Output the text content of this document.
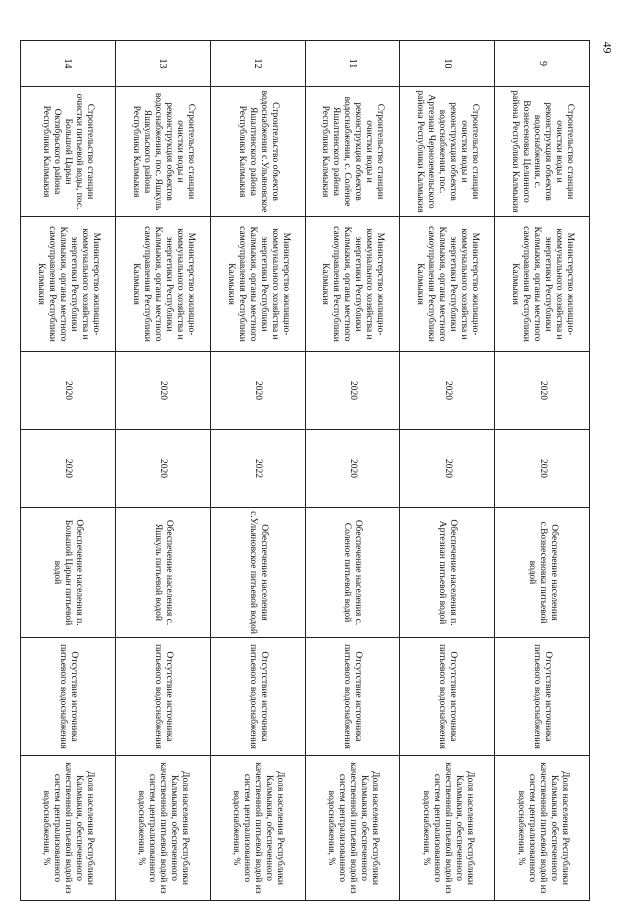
49
9	Строительство станции очистки воды и реконструкция объектов водоснабжения, с. Вознесеновка Целинного района Республики Калмыкия	Министерство жилищно-коммунального хозяйства и энергетики Республики Калмыкия, органы местного самоуправления Республики Калмыкия	2020	2020	Обеспечение населения с.Вознесеновка питьевой водой	Отсутствие источника питьевого водоснабжения	Доля населения Республики Калмыкия, обеспеченного качественной питьевой водой из систем централизованного водоснабжения, %
10	Строительство станции очистки воды и реконструкция объектов водоснабжения, пос. Артезиан Черноземельского района Республики Калмыкия	Министерство жилищно-коммунального хозяйства и энергетики Республики Калмыкия, органы местного самоуправления Республики Калмыкия	2020	2020	Обеспечение населения п. Артезиан питьевой водой	Отсутствие источника питьевого водоснабжения	Доля населения Республики Калмыкия, обеспеченного качественной питьевой водой из систем централизованного водоснабжения, %
11	Строительство станции очистки воды и реконструкция объектов водоснабжения, с. Солёное Яшалтинского района Республики Калмыкия	Министерство жилищно-коммунального хозяйства и энергетики Республики Калмыкия, органы местного самоуправления Республики Калмыкия	2020	2020	Обеспечение населения с. Соленое питьевой водой	Отсутствие источника питьевого водоснабжения	Доля населения Республики Калмыкия, обеспеченного качественной питьевой водой из систем централизованного водоснабжения, %
12	Строительство объектов водоснабжения с.Ульяновское Яшалтинского района Республики Калмыкия	Министерство жилищно-коммунального хозяйства и энергетики Республики Калмыкия, органы местного самоуправления Республики Калмыкия	2020	2022	Обеспечение населения с.Ульяновское питьевой водой	Отсутствие источника питьевого водоснабжения	Доля населения Республики Калмыкия, обеспеченного качественной питьевой водой из систем централизованного водоснабжения, %
13	Строительство станции очистки воды и реконструкция объектов водоснабжения, пос. Яшкуль Яшкульского района Республики Калмыкия	Министерство жилищно-коммунального хозяйства и энергетики Республики Калмыкия, органы местного самоуправления Республики Калмыкия	2020	2020	Обеспечение населения с. Яшкуль питьевой водой	Отсутствие источника питьевого водоснабжения	Доля населения Республики Калмыкия, обеспеченного качественной питьевой водой из систем централизованного водоснабжения, %
14	Строительство станции очистки питьевой воды, пос. Большой Царын Октябрьского района Республики Калмыкия	Министерство жилищно-коммунального хозяйства и энергетики Республики Калмыкия, органы местного самоуправления Республики Калмыкия	2020	2020	Обеспечение населения п. Большой Царын питьевой водой	Отсутствие источника питьевого водоснабжения	Доля населения Республики Калмыкия, обеспеченного качественной питьевой водой из систем централизованного водоснабжения, %
